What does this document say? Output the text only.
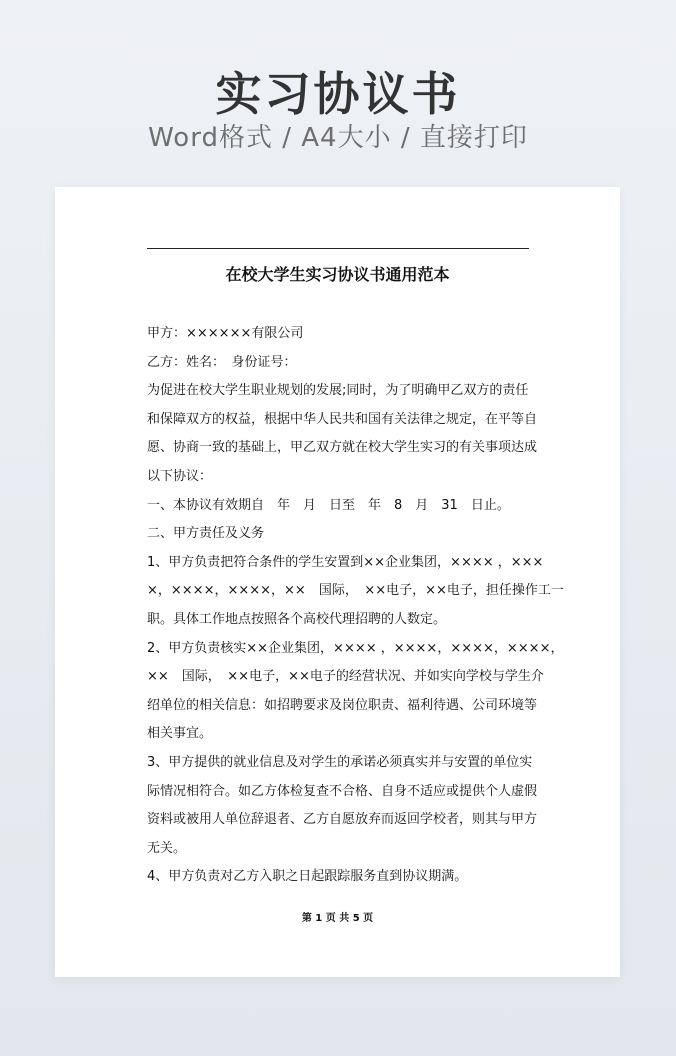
实习协议书
Word格式 / A4大小 / 直接打印
在校大学生实习协议书通用范本
甲方：××××××有限公司
乙方：姓名：　身份证号：
为促进在校大学生职业规划的发展;同时，为了明确甲乙双方的责任
和保障双方的权益，根据中华人民共和国有关法律之规定，在平等自
愿、协商一致的基础上，甲乙双方就在校大学生实习的有关事项达成
以下协议：
一、本协议有效期自　年　月　日至　年　8　月　31　日止。
二、甲方责任及义务
1、甲方负责把符合条件的学生安置到××企业集团，×××× ，×××
×，××××，××××，××　国际，　××电子，××电子，担任操作工一
职。具体工作地点按照各个高校代理招聘的人数定。
2、甲方负责核实××企业集团，×××× ，××××，××××，××××，
××　国际，　××电子，××电子的经营状况、并如实向学校与学生介
绍单位的相关信息：如招聘要求及岗位职责、福利待遇、公司环境等
相关事宜。
3、甲方提供的就业信息及对学生的承诺必须真实并与安置的单位实
际情况相符合。如乙方体检复查不合格、自身不适应或提供个人虚假
资料或被用人单位辞退者、乙方自愿放弃而返回学校者，则其与甲方
无关。
4、甲方负责对乙方入职之日起跟踪服务直到协议期满。
第 1 页 共 5 页
